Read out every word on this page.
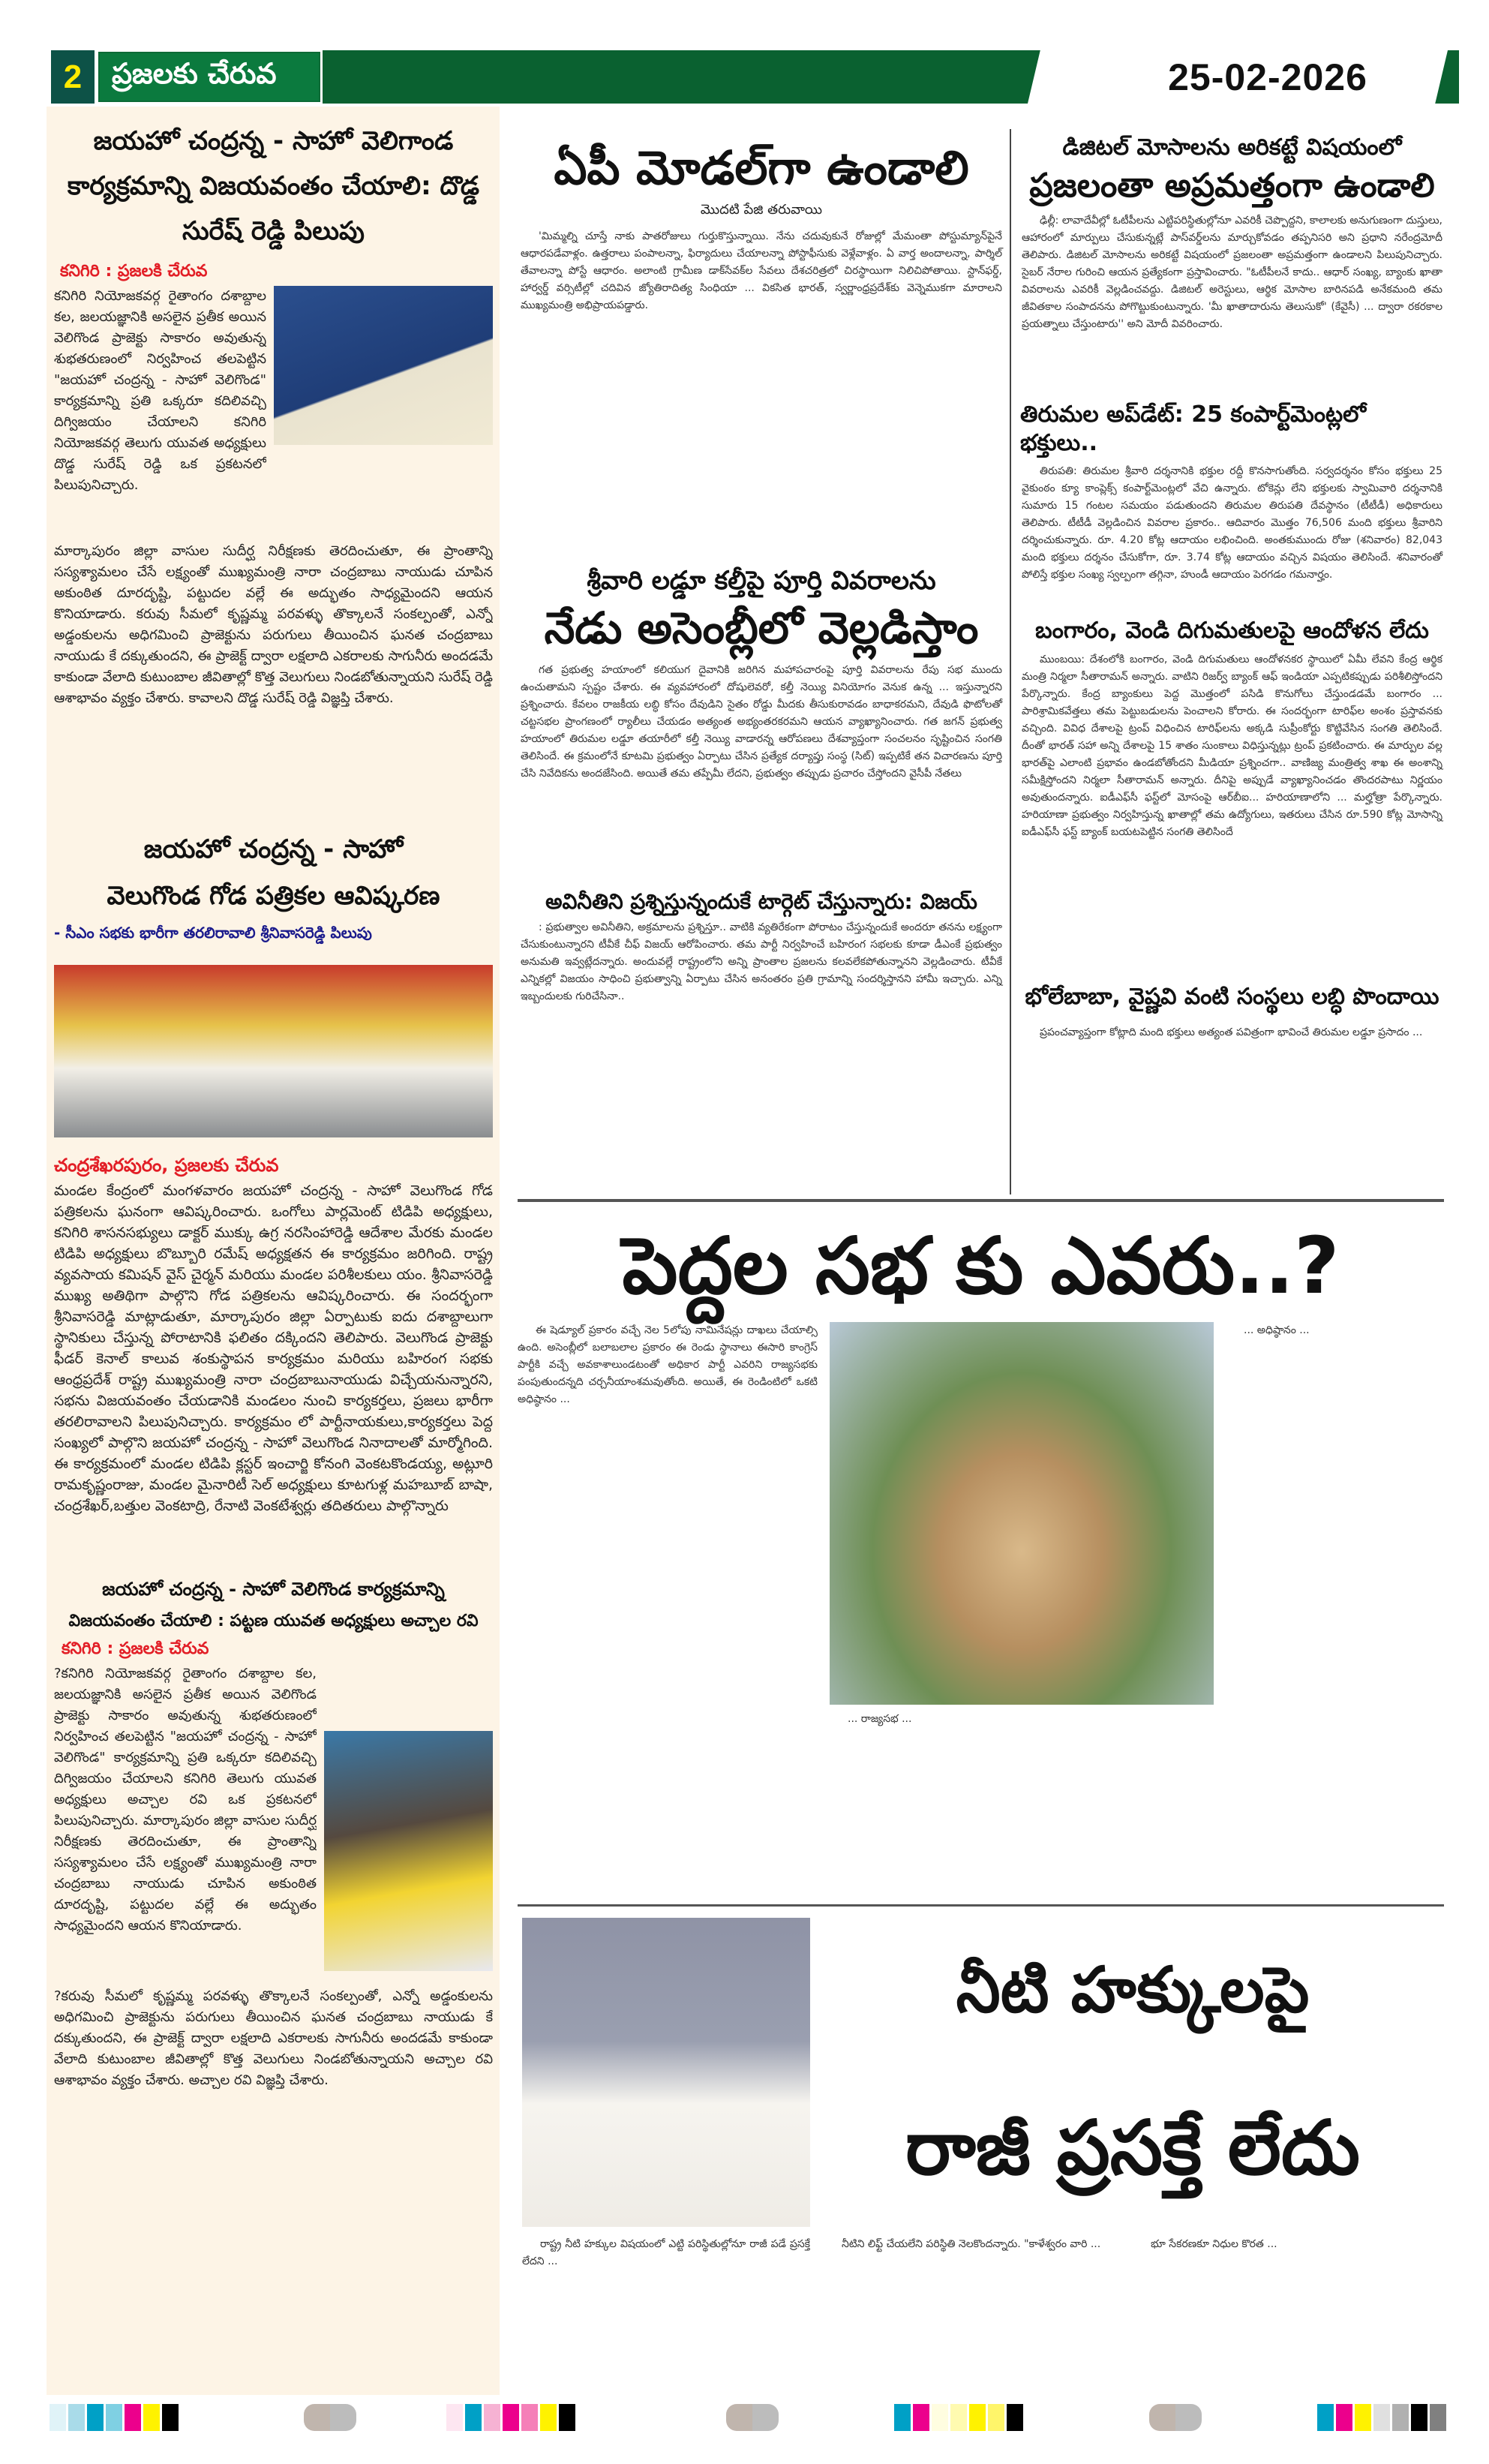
2	ప్రజలకు చేరువ	25-02-2026
జయహో చంద్రన్న - సాహో వెలిగాండ కార్యక్రమాన్ని విజయవంతం చేయాలి: దొడ్డ సురేష్ రెడ్డి పిలుపు
కనిగిరి : ప్రజలకి చేరువ
కనిగిరి నియోజకవర్గ రైతాంగం దశాబ్దాల కల, జలయజ్ఞానికి అసలైన ప్రతీక అయిన వెలిగొండ ప్రాజెక్టు సాకారం అవుతున్న శుభతరుణంలో నిర్వహించ తలపెట్టిన "జయహో చంద్రన్న - సాహో వెలిగొండ" కార్యక్రమాన్ని ప్రతి ఒక్కరూ కదిలివచ్చి దిగ్విజయం చేయాలని కనిగిరి నియోజకవర్గ తెలుగు యువత అధ్యక్షులు దొడ్డ సురేష్ రెడ్డి ఒక ప్రకటనలో పిలుపునిచ్చారు.
మార్కాపురం జిల్లా వాసుల సుదీర్ఘ నిరీక్షణకు తెరదించుతూ, ఈ ప్రాంతాన్ని సస్యశ్యామలం చేసే లక్ష్యంతో ముఖ్యమంత్రి నారా చంద్రబాబు నాయుడు చూపిన అకుంఠిత దూరదృష్టి, పట్టుదల వల్లే ఈ అద్భుతం సాధ్యమైందని ఆయన కొనియాడారు. కరువు సీమలో కృష్ణమ్మ పరవళ్ళు తొక్కాలనే సంకల్పంతో, ఎన్నో అడ్డంకులను అధిగమించి ప్రాజెక్టును పరుగులు తీయించిన ఘనత చంద్రబాబు నాయుడు కే దక్కుతుందని, ఈ ప్రాజెక్ట్ ద్వారా లక్షలాది ఎకరాలకు సాగునీరు అందడమే కాకుండా వేలాది కుటుంబాల జీవితాల్లో కొత్త వెలుగులు నిండబోతున్నాయని సురేష్ రెడ్డి ఆశాభావం వ్యక్తం చేశారు. కావాలని దొడ్డ సురేష్ రెడ్డి విజ్ఞప్తి చేశారు.
జయహో చంద్రన్న - సాహో
వెలుగొండ గోడ పత్రికల ఆవిష్కరణ
- సీఎం సభకు భారీగా తరలిరావాలి శ్రీనివాసరెడ్డి పిలుపు
చంద్రశేఖరపురం, ప్రజలకు చేరువ
మండల కేంద్రంలో మంగళవారం జయహో చంద్రన్న - సాహో వెలుగొండ గోడ పత్రికలను ఘనంగా ఆవిష్కరించారు. ఒంగోలు పార్లమెంట్ టిడిపి అధ్యక్షులు, కనిగిరి శాసనసభ్యులు డాక్టర్ ముక్కు ఉగ్ర నరసింహారెడ్డి ఆదేశాల మేరకు మండల టిడిపి అధ్యక్షులు బొబ్బూరి రమేష్ అధ్యక్షతన ఈ కార్యక్రమం జరిగింది. రాష్ట్ర వ్యవసాయ కమిషన్ వైస్ చైర్మన్ మరియు మండల పరిశీలకులు యం. శ్రీనివాసరెడ్డి ముఖ్య అతిథిగా పాల్గొని గోడ పత్రికలను ఆవిష్కరించారు. ఈ సందర్భంగా శ్రీనివాసరెడ్డి మాట్లాడుతూ, మార్కాపురం జిల్లా ఏర్పాటుకు ఐదు దశాబ్దాలుగా స్థానికులు చేస్తున్న పోరాటానికి ఫలితం దక్కిందని తెలిపారు. వెలుగొండ ప్రాజెక్టు ఫీడర్ కెనాల్ కాలువ శంకుస్థాపన కార్యక్రమం మరియు బహిరంగ సభకు ఆంధ్రప్రదేశ్ రాష్ట్ర ముఖ్యమంత్రి నారా చంద్రబాబునాయుడు విచ్చేయనున్నారని, సభను విజయవంతం చేయడానికి మండలం నుంచి కార్యకర్తలు, ప్రజలు భారీగా తరలిరావాలని పిలుపునిచ్చారు. కార్యక్రమం లో పార్టీనాయకులు,కార్యకర్తలు పెద్ద సంఖ్యలో పాల్గొని జయహో చంద్రన్న - సాహో వెలుగొండ నినాదాలతో మార్మోగింది. ఈ కార్యక్రమంలో మండల టిడిపి క్లస్టర్ ఇంచార్జి కోనంగి వెంకటకొండయ్య, అట్లూరి రామకృష్ణంరాజు, మండల మైనారిటీ సెల్ అధ్యక్షులు కూటగుళ్ల మహబూబ్ బాషా, చంద్రశేఖర్,బత్తుల వెంకటాద్రి, రేనాటి వెంకటేశ్వర్లు తదితరులు పాల్గొన్నారు
జయహో చంద్రన్న - సాహో వెలిగొండ కార్యక్రమాన్ని
విజయవంతం చేయాలి : పట్టణ యువత అధ్యక్షులు అచ్చాల రవి
కనిగిరి : ప్రజలకి చేరువ
?కనిగిరి నియోజకవర్గ రైతాంగం దశాబ్దాల కల, జలయజ్ఞానికి అసలైన ప్రతీక అయిన వెలిగొండ ప్రాజెక్టు సాకారం అవుతున్న శుభతరుణంలో నిర్వహించ తలపెట్టిన "జయహో చంద్రన్న - సాహో వెలిగొండ" కార్యక్రమాన్ని ప్రతి ఒక్కరూ కదిలివచ్చి దిగ్విజయం చేయాలని కనిగిరి తెలుగు యువత అధ్యక్షులు అచ్చాల రవి ఒక ప్రకటనలో పిలుపునిచ్చారు. మార్కాపురం జిల్లా వాసుల సుదీర్ఘ నిరీక్షణకు తెరదించుతూ, ఈ ప్రాంతాన్ని సస్యశ్యామలం చేసే లక్ష్యంతో ముఖ్యమంత్రి నారా చంద్రబాబు నాయుడు చూపిన అకుంఠిత దూరదృష్టి, పట్టుదల వల్లే ఈ అద్భుతం సాధ్యమైందని ఆయన కొనియాడారు.
?కరువు సీమలో కృష్ణమ్మ పరవళ్ళు తొక్కాలనే సంకల్పంతో, ఎన్నో అడ్డంకులను అధిగమించి ప్రాజెక్టును పరుగులు తీయించిన ఘనత చంద్రబాబు నాయుడు కే దక్కుతుందని, ఈ ప్రాజెక్ట్ ద్వారా లక్షలాది ఎకరాలకు సాగునీరు అందడమే కాకుండా వేలాది కుటుంబాల జీవితాల్లో కొత్త వెలుగులు నిండబోతున్నాయని అచ్చాల రవి ఆశాభావం వ్యక్తం చేశారు. అచ్చాల రవి విజ్ఞప్తి చేశారు.
ఏపీ మోడల్‌గా ఉండాలి
మొదటి పేజి తరువాయి
'మిమ్మల్ని చూస్తే నాకు పాతరోజులు గుర్తుకొస్తున్నాయి. నేను చదువుకునే రోజుల్లో మేమంతా పోస్టుమ్యాన్‌పైనే ఆధారపడేవాళ్లం. ఉత్తరాలు పంపాలన్నా, ఫిర్యాదులు చేయాలన్నా పోస్టాఫీసుకు వెళ్లేవాళ్లం. ఏ వార్త అందాలన్నా, పార్శిల్ తేవాలన్నా పోస్టే ఆధారం. అలాంటి గ్రామీణ డాక్‌సేవక్‌ల సేవలు దేశచరిత్రలో చిరస్థాయిగా నిలిచిపోతాయి. స్టాన్‌ఫర్డ్, హార్వర్డ్ వర్సిటీల్లో చదివిన జ్యోతిరాదిత్య సింధియా ... వికసిత భారత్, స్వర్ణాంధ్రప్రదేశ్‌కు వెన్నెముకగా మారాలని ముఖ్యమంత్రి అభిప్రాయపడ్డారు.
శ్రీవారి లడ్డూ కల్తీపై పూర్తి వివరాలను
నేడు అసెంబ్లీలో వెల్లడిస్తాం
గత ప్రభుత్వ హయాంలో కలియుగ దైవానికి జరిగిన మహాపచారంపై పూర్తి వివరాలను రేపు సభ ముందు ఉంచుతామని స్పష్టం చేశారు. ఈ వ్యవహారంలో దోషులెవరో, కల్తీ నెయ్యి వినియోగం వెనుక ఉన్న ... ఇస్తున్నారని ప్రశ్నించారు. కేవలం రాజకీయ లబ్ధి కోసం దేవుడిని సైతం రోడ్డు మీదకు తీసుకురావడం బాధాకరమని, దేవుడి ఫొటోలతో చట్టసభల ప్రాంగణంలో ర్యాలీలు చేయడం అత్యంత అభ్యంతరకరమని ఆయన వ్యాఖ్యానించారు. గత జగన్ ప్రభుత్వ హయాంలో తిరుమల లడ్డూ తయారీలో కల్తీ నెయ్యి వాడారన్న ఆరోపణలు దేశవ్యాప్తంగా సంచలనం సృష్టించిన సంగతి తెలిసిందే. ఈ క్రమంలోనే కూటమి ప్రభుత్వం ఏర్పాటు చేసిన ప్రత్యేక దర్యాప్తు సంస్థ (సిట్) ఇప్పటికే తన విచారణను పూర్తి చేసి నివేదికను అందజేసింది. అయితే తమ తప్పేమీ లేదని, ప్రభుత్వం తప్పుడు ప్రచారం చేస్తోందని వైసీపీ నేతలు
అవినీతిని ప్రశ్నిస్తున్నందుకే టార్గెట్ చేస్తున్నారు: విజయ్
: ప్రభుత్వాల అవినీతిని, అక్రమాలను ప్రశ్నిస్తూ.. వాటికి వ్యతిరేకంగా పోరాటం చేస్తున్నందుకే అందరూ తనను లక్ష్యంగా చేసుకుంటున్నారని టీవీకే చీఫ్ విజయ్ ఆరోపించారు. తమ పార్టీ నిర్వహించే బహిరంగ సభలకు కూడా డీఎంకే ప్రభుత్వం అనుమతి ఇవ్వట్లేదన్నారు. అందువల్లే రాష్ట్రంలోని అన్ని ప్రాంతాల ప్రజలను కలవలేకపోతున్నానని వెల్లడించారు. టీవీకే ఎన్నికల్లో విజయం సాధించి ప్రభుత్వాన్ని ఏర్పాటు చేసిన అనంతరం ప్రతి గ్రామాన్ని సందర్శిస్తానని హామీ ఇచ్చారు. ఎన్ని ఇబ్బందులకు గురిచేసినా..
డిజిటల్ మోసాలను అరికట్టే విషయంలో
ప్రజలంతా అప్రమత్తంగా ఉండాలి
ఢిల్లీ: లావాదేవీల్లో ఓటీపీలను ఎట్టిపరిస్థితుల్లోనూ ఎవరికీ చెప్పొద్దని, కాలాలకు అనుగుణంగా దుస్తులు, ఆహారంలో మార్పులు చేసుకున్నట్లే పాస్‌వర్డ్‌లను మార్చుకోవడం తప్పనిసరి అని ప్రధాని నరేంద్రమోదీ తెలిపారు. డిజిటల్ మోసాలను అరికట్టే విషయంలో ప్రజలంతా అప్రమత్తంగా ఉండాలని పిలుపునిచ్చారు. సైబర్ నేరాల గురించి ఆయన ప్రత్యేకంగా ప్రస్తావించారు. "ఓటీపీలనే కాదు.. ఆధార్ సంఖ్య, బ్యాంకు ఖాతా వివరాలను ఎవరికీ వెల్లడించవద్దు. డిజిటల్ అరెస్టులు, ఆర్థిక మోసాల బారినపడి అనేకమంది తమ జీవితకాల సంపాదనను పోగొట్టుకుంటున్నారు. 'మీ ఖాతాదారును తెలుసుకో' (కేవైసీ) ... ద్వారా రకరకాల ప్రయత్నాలు చేస్తుంటారు'' అని మోదీ వివరించారు.
తిరుమల అప్‌డేట్: 25 కంపార్ట్‌మెంట్లలో భక్తులు..
తిరుపతి: తిరుమల శ్రీవారి దర్శనానికి భక్తుల రద్దీ కొనసాగుతోంది. సర్వదర్శనం కోసం భక్తులు 25 వైకుంఠం క్యూ కాంప్లెక్స్ కంపార్ట్‌మెంట్లలో వేచి ఉన్నారు. టోకెన్లు లేని భక్తులకు స్వామివారి దర్శనానికి సుమారు 15 గంటల సమయం పడుతుందని తిరుమల తిరుపతి దేవస్థానం (టీటీడీ) అధికారులు తెలిపారు. టీటీడీ వెల్లడించిన వివరాల ప్రకారం.. ఆదివారం మొత్తం 76,506 మంది భక్తులు శ్రీవారిని దర్శించుకున్నారు. రూ. 4.20 కోట్ల ఆదాయం లభించింది. అంతకుముందు రోజు (శనివారం) 82,043 మంది భక్తులు దర్శనం చేసుకోగా, రూ. 3.74 కోట్ల ఆదాయం వచ్చిన విషయం తెలిసిందే. శనివారంతో పోలిస్తే భక్తుల సంఖ్య స్వల్పంగా తగ్గినా, హుండీ ఆదాయం పెరగడం గమనార్హం.
బంగారం, వెండి దిగుమతులపై ఆందోళన లేదు
ముంబయి: దేశంలోకి బంగారం, వెండి దిగుమతులు ఆందోళనకర స్థాయిలో ఏమీ లేవని కేంద్ర ఆర్థిక మంత్రి నిర్మలా సీతారామన్ అన్నారు. వాటిని రిజర్వ్ బ్యాంక్ ఆఫ్ ఇండియా ఎప్పటికప్పుడు పరిశీలిస్తోందని పేర్కొన్నారు. కేంద్ర బ్యాంకులు పెద్ద మొత్తంలో పసిడి కొనుగోలు చేస్తుండడమే బంగారం ... పారిశ్రామికవేత్తలు తమ పెట్టుబడులను పెంచాలని కోరారు. ఈ సందర్భంగా టారిఫ్‌ల అంశం ప్రస్తావనకు వచ్చింది. వివిధ దేశాలపై ట్రంప్ విధించిన టారిఫ్‌లను అక్కడి సుప్రీంకోర్టు కొట్టివేసిన సంగతి తెలిసిందే. దీంతో భారత్ సహా అన్ని దేశాలపై 15 శాతం సుంకాలు విధిస్తున్నట్లు ట్రంప్ ప్రకటించారు. ఈ మార్పుల వల్ల భారత్‌పై ఎలాంటి ప్రభావం ఉండబోతోందని మీడియా ప్రశ్నించగా.. వాణిజ్య మంత్రిత్వ శాఖ ఈ అంశాన్ని సమీక్షిస్తోందని నిర్మలా సీతారామన్ అన్నారు. దీనిపై అప్పుడే వ్యాఖ్యానించడం తొందరపాటు నిర్ణయం అవుతుందన్నారు. ఐడీఎఫ్‌సీ ఫస్ట్‌లో మోసంపై ఆర్‌బీఐ... హరియాణాలోని ... మల్హోత్రా పేర్కొన్నారు. హరియాణా ప్రభుత్వం నిర్వహిస్తున్న ఖాతాల్లో తమ ఉద్యోగులు, ఇతరులు చేసిన రూ.590 కోట్ల మోసాన్ని ఐడీఎఫ్‌సీ ఫస్ట్ బ్యాంక్ బయటపెట్టిన సంగతి తెలిసిందే
భోలేబాబా, వైష్ణవి వంటి సంస్థలు లబ్ధి పొందాయి
ప్రపంచవ్యాప్తంగా కోట్లాది మంది భక్తులు అత్యంత పవిత్రంగా భావించే తిరుమల లడ్డూ ప్రసాదం ...
పెద్దల సభ కు ఎవరు..?
ఈ షెడ్యూల్ ప్రకారం వచ్చే నెల 5లోపు నామినేషన్లు దాఖలు చేయాల్సి ఉంది. అసెంబ్లీలో బలాబలాల ప్రకారం ఈ రెండు స్థానాలు ఈసారి కాంగ్రెస్ పార్టీకి వచ్చే అవకాశాలుండటంతో అధికార పార్టీ ఎవరిని రాజ్యసభకు పంపుతుందన్నది చర్చనీయాంశమవుతోంది. అయితే, ఈ రెండింటిలో ఒకటి అధిష్ఠానం ...
... రాజ్యసభ ...
... అధిష్ఠానం ...
నీటి హక్కులపై
రాజీ ప్రసక్తే లేదు
రాష్ట్ర నీటి హక్కుల విషయంలో ఎట్టి పరిస్థితుల్లోనూ రాజీ పడే ప్రసక్తే లేదని ...
నీటిని లిఫ్ట్ చేయలేని పరిస్థితి నెలకొందన్నారు. "కాళేశ్వరం వారి ...	భూ సేకరణకూ నిధుల కొరత ...
